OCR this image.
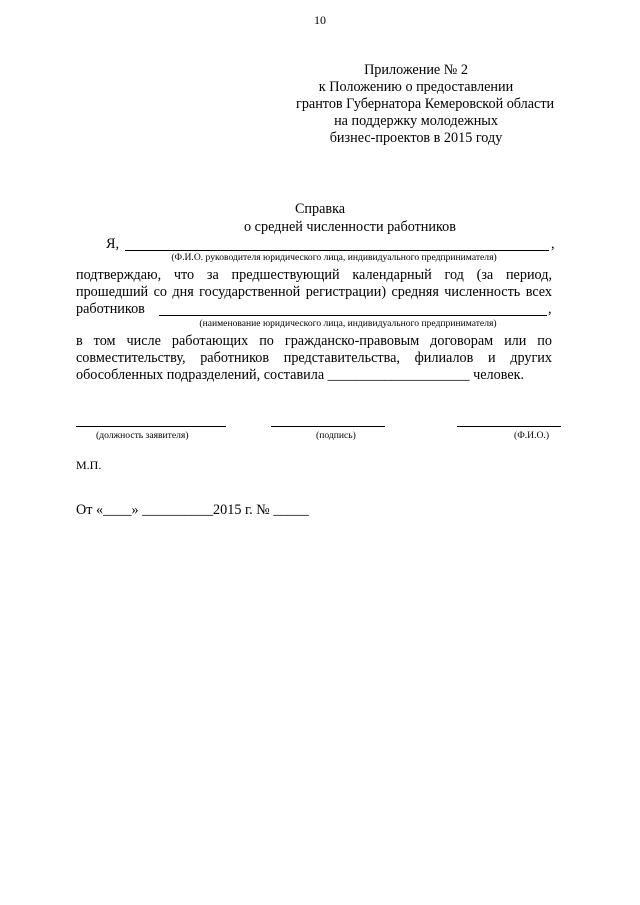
10
Приложение № 2
к Положению о предоставлении
грантов Губернатора Кемеровской области
на поддержку молодежных
бизнес-проектов в 2015 году
Справка
о средней численности работников
Я,	,
(Ф.И.О. руководителя юридического лица, индивидуального предпринимателя)
подтверждаю, что за предшествующий календарный год (за период,
прошедший со дня государственной регистрации) средняя численность всех
работников	,
(наименование юридического лица, индивидуального предпринимателя)
в том числе работающих по гражданско-правовым договорам или по
совместительству, работников представительства, филиалов и других
обособленных подразделений, составила ____________________ человек.
(должность заявителя)	(подпись)	(Ф.И.О.)
М.П.
От «____» __________2015 г. № _____
